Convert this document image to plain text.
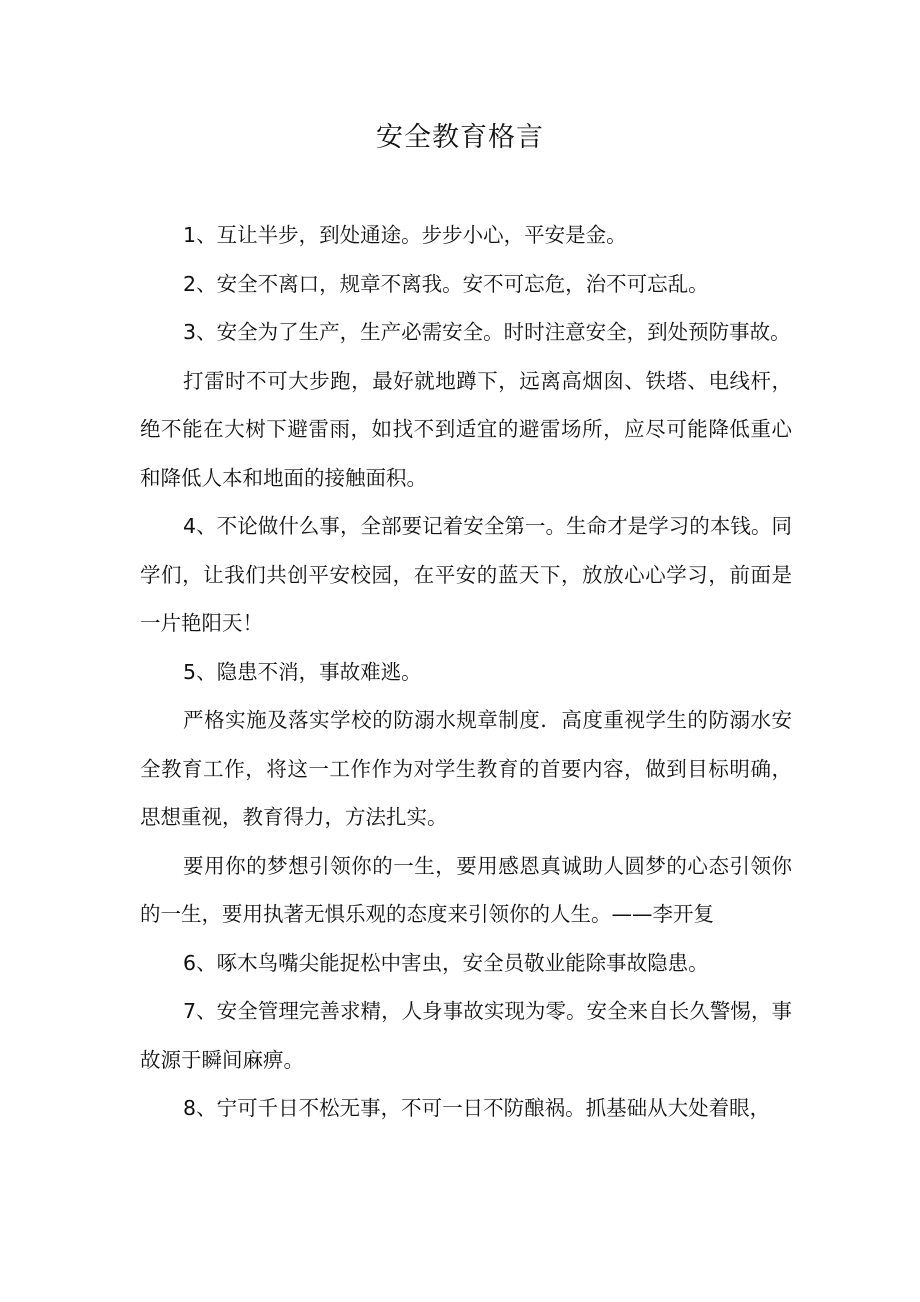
安全教育格言

1、互让半步，到处通途。步步小心，平安是金。

2、安全不离口，规章不离我。安不可忘危，治不可忘乱。

3、安全为了生产，生产必需安全。时时注意安全，到处预防事故。

打雷时不可大步跑，最好就地蹲下，远离高烟囱、铁塔、电线杆，绝不能在大树下避雷雨，如找不到适宜的避雷场所，应尽可能降低重心和降低人本和地面的接触面积。

4、不论做什么事，全部要记着安全第一。生命才是学习的本钱。同学们，让我们共创平安校园，在平安的蓝天下，放放心心学习，前面是一片艳阳天！

5、隐患不消，事故难逃。

严格实施及落实学校的防溺水规章制度．高度重视学生的防溺水安全教育工作，将这一工作作为对学生教育的首要内容，做到目标明确，思想重视，教育得力，方法扎实。

要用你的梦想引领你的一生，要用感恩真诚助人圆梦的心态引领你的一生，要用执著无惧乐观的态度来引领你的人生。——李开复

6、啄木鸟嘴尖能捉松中害虫，安全员敬业能除事故隐患。

7、安全管理完善求精，人身事故实现为零。安全来自长久警惕，事故源于瞬间麻痹。

8、宁可千日不松无事，不可一日不防酿祸。抓基础从大处着眼，
